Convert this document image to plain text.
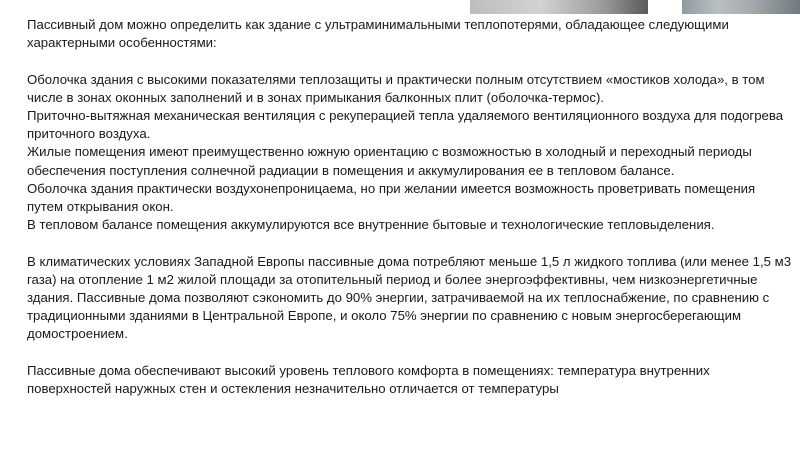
Пассивный дом можно определить как здание с ультраминимальными теплопотерями, обладающее следующими характерными особенностями:

Оболочка здания с высокими показателями теплозащиты и практически полным отсутствием «мостиков холода», в том числе в зонах оконных заполнений и в зонах примыкания балконных плит (оболочка-термос).

Приточно-вытяжная механическая вентиляция с рекуперацией тепла удаляемого вентиляционного воздуха для подогрева приточного воздуха.

Жилые помещения имеют преимущественно южную ориентацию с возможностью в холодный и переходный периоды обеспечения поступления солнечной радиации в помещения и аккумулирования ее в тепловом балансе.

Оболочка здания практически воздухонепроницаема, но при желании имеется возможность проветривать помещения путем открывания окон.

В тепловом балансе помещения аккумулируются все внутренние бытовые и технологические тепловыделения.

В климатических условиях Западной Европы пассивные дома потребляют меньше 1,5 л жидкого топлива (или менее 1,5 м3 газа) на отопление 1 м2 жилой площади за отопительный период и более энергоэффективны, чем низкоэнергетичные здания. Пассивные дома позволяют сэкономить до 90% энергии, затрачиваемой на их теплоснабжение, по сравнению с традиционными зданиями в Центральной Европе, и около 75% энергии по сравнению с новым энергосберегающим домостроением.

Пассивные дома обеспечивают высокий уровень теплового комфорта в помещениях: температура внутренних поверхностей наружных стен и остекления незначительно отличается от температуры
